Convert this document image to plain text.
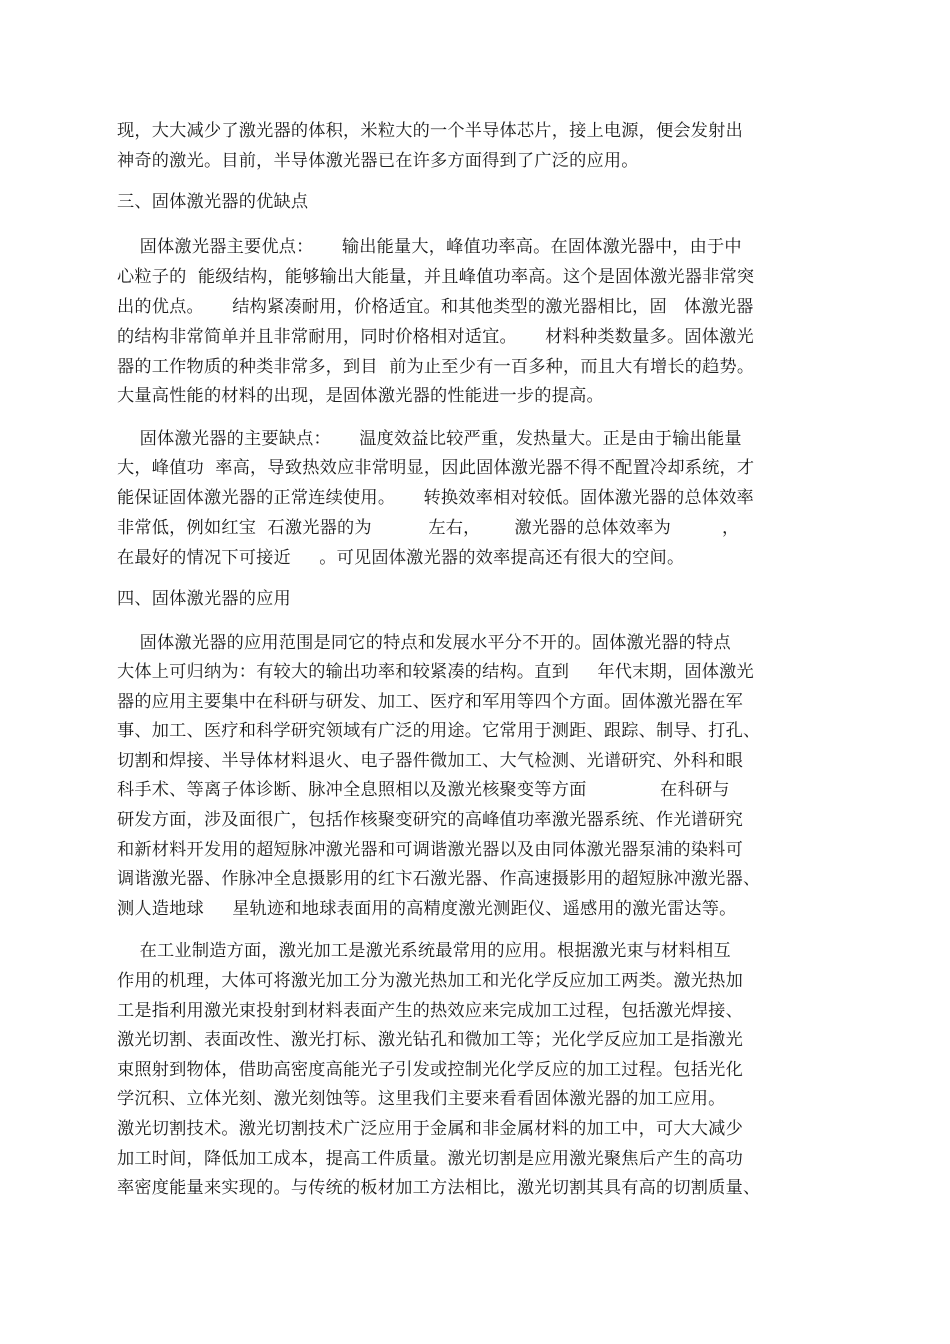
现，大大减少了激光器的体积，米粒大的一个半导体芯片，接上电源，便会发射出
神奇的激光。目前，半导体激光器已在许多方面得到了广泛的应用。
三、固体激光器的优缺点
固体激光器主要优点：     输出能量大，峰值功率高。在固体激光器中，由于中
心粒子的  能级结构，能够输出大能量，并且峰值功率高。这个是固体激光器非常突
出的优点。     结构紧凑耐用，价格适宜。和其他类型的激光器相比，固   体激光器
的结构非常简单并且非常耐用，同时价格相对适宜。     材料种类数量多。固体激光
器的工作物质的种类非常多，到目  前为止至少有一百多种，而且大有增长的趋势。
大量高性能的材料的出现，是固体激光器的性能进一步的提高。
固体激光器的主要缺点：     温度效益比较严重，发热量大。正是由于输出能量
大，峰值功  率高，导致热效应非常明显，因此固体激光器不得不配置冷却系统，才
能保证固体激光器的正常连续使用。     转换效率相对较低。固体激光器的总体效率
非常低，例如红宝  石激光器的为          左右，      激光器的总体效率为         ，
在最好的情况下可接近     。可见固体激光器的效率提高还有很大的空间。
四、固体激光器的应用
固体激光器的应用范围是同它的特点和发展水平分不开的。固体激光器的特点
大体上可归纳为：有较大的输出功率和较紧凑的结构。直到     年代末期，固体激光
器的应用主要集中在科研与研发、加工、医疗和军用等四个方面。固体激光器在军
事、加工、医疗和科学研究领域有广泛的用途。它常用于测距、跟踪、制导、打孔、
切割和焊接、半导体材料退火、电子器件微加工、大气检测、光谱研究、外科和眼
科手术、等离子体诊断、脉冲全息照相以及激光核聚变等方面             在科研与
研发方面，涉及面很广，包括作核聚变研究的高峰值功率激光器系统、作光谱研究
和新材料开发用的超短脉冲激光器和可调谐激光器以及由同体激光器泵浦的染料可
调谐激光器、作脉冲全息摄影用的红卞石激光器、作高速摄影用的超短脉冲激光器、
测人造地球     星轨迹和地球表面用的高精度激光测距仪、遥感用的激光雷达等。
在工业制造方面，激光加工是激光系统最常用的应用。根据激光束与材料相互
作用的机理，大体可将激光加工分为激光热加工和光化学反应加工两类。激光热加
工是指利用激光束投射到材料表面产生的热效应来完成加工过程，包括激光焊接、
激光切割、表面改性、激光打标、激光钻孔和微加工等；光化学反应加工是指激光
束照射到物体，借助高密度高能光子引发或控制光化学反应的加工过程。包括光化
学沉积、立体光刻、激光刻蚀等。这里我们主要来看看固体激光器的加工应用。
激光切割技术。激光切割技术广泛应用于金属和非金属材料的加工中，可大大减少
加工时间，降低加工成本，提高工件质量。激光切割是应用激光聚焦后产生的高功
率密度能量来实现的。与传统的板材加工方法相比，激光切割其具有高的切割质量、
